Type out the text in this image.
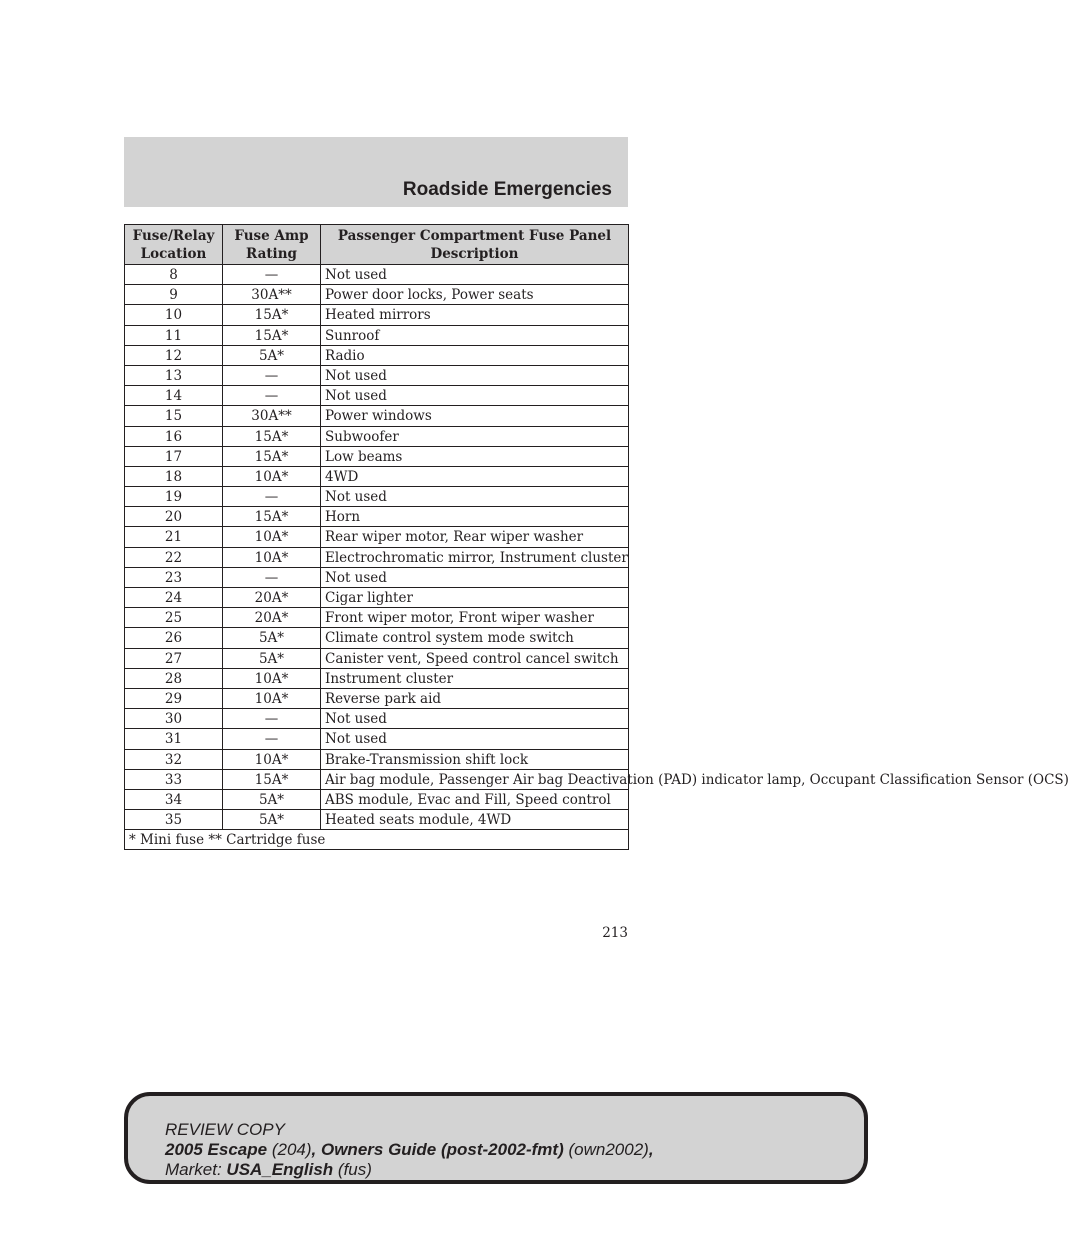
Roadside Emergencies
Fuse/Relay Location	Fuse Amp Rating	Passenger Compartment Fuse Panel Description
8	—	Not used
9	30A**	Power door locks, Power seats
10	15A*	Heated mirrors
11	15A*	Sunroof
12	5A*	Radio
13	—	Not used
14	—	Not used
15	30A**	Power windows
16	15A*	Subwoofer
17	15A*	Low beams
18	10A*	4WD
19	—	Not used
20	15A*	Horn
21	10A*	Rear wiper motor, Rear wiper washer
22	10A*	Electrochromatic mirror, Instrument cluster
23	—	Not used
24	20A*	Cigar lighter
25	20A*	Front wiper motor, Front wiper washer
26	5A*	Climate control system mode switch
27	5A*	Canister vent, Speed control cancel switch
28	10A*	Instrument cluster
29	10A*	Reverse park aid
30	—	Not used
31	—	Not used
32	10A*	Brake-Transmission shift lock
33	15A*	Air bag module, Passenger Air bag Deactivation (PAD) indicator lamp, Occupant Classification Sensor (OCS)
34	5A*	ABS module, Evac and Fill, Speed control
35	5A*	Heated seats module, 4WD
* Mini fuse ** Cartridge fuse		
213
REVIEW COPY
2005 Escape (204), Owners Guide (post-2002-fmt) (own2002),
Market: USA_English (fus)
